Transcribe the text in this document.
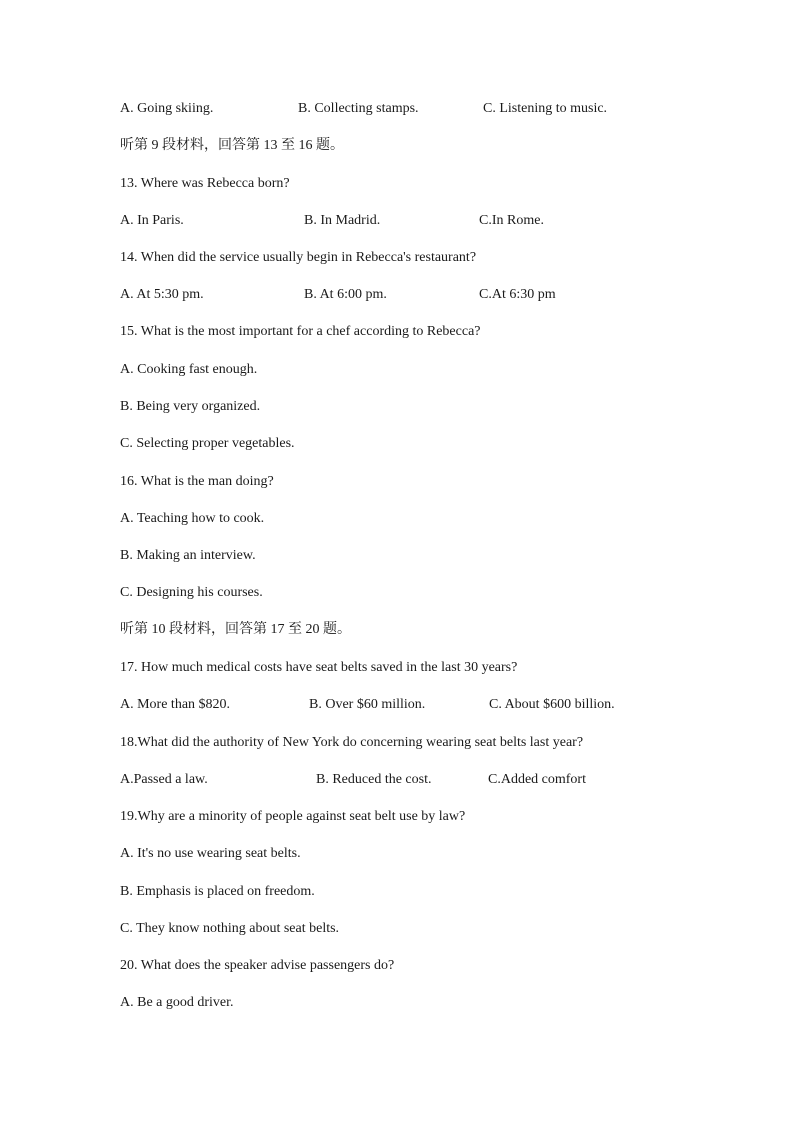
A. Going skiing.	B. Collecting stamps.	C. Listening to music.
听第 9 段材料，回答第 13 至 16 题。
13. Where was Rebecca born?
A. In Paris.	B. In Madrid.	C.In Rome.
14. When did the service usually begin in Rebecca's restaurant?
A. At 5:30 pm.	B. At 6:00 pm.	C.At 6:30 pm
15. What is the most important for a chef according to Rebecca?
A. Cooking fast enough.
B. Being very organized.
C. Selecting proper vegetables.
16. What is the man doing?
A. Teaching how to cook.
B. Making an interview.
C. Designing his courses.
听第 10 段材料，回答第 17 至 20 题。
17. How much medical costs have seat belts saved in the last 30 years?
A. More than $820.	B. Over $60 million.	C. About $600 billion.
18.What did the authority of New York do concerning wearing seat belts last year?
A.Passed a law.	B. Reduced the cost.	C.Added comfort
19.Why are a minority of people against seat belt use by law?
A. It's no use wearing seat belts.
B. Emphasis is placed on freedom.
C. They know nothing about seat belts.
20. What does the speaker advise passengers do?
A. Be a good driver.
